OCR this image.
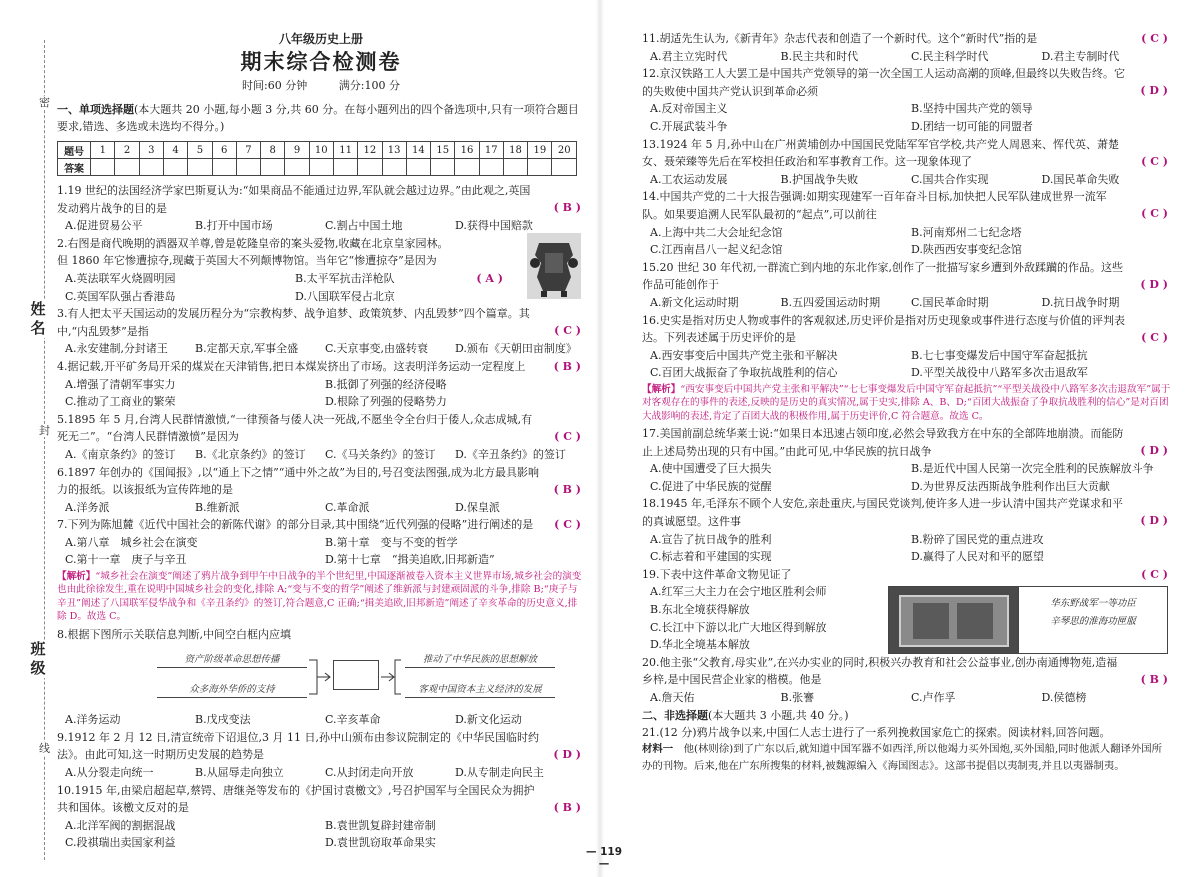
密
封
线
姓名
班级
八年级历史上册
期末综合检测卷
时间:60 分钟	满分:100 分
一、单项选择题(本大题共 20 小题,每小题 3 分,共 60 分。在每小题列出的四个备选项中,只有一项符合题目要求,错选、多选或未选均不得分。)
题号	1	2	3	4	5	6	7	8	9	10	11	12	13	14	15	16	17	18	19	20
答案																				
1.19 世纪的法国经济学家巴斯夏认为:“如果商品不能通过边界,军队就会越过边界。”由此观之,英国发动鸦片战争的目的是	( B )
A.促进贸易公平	B.打开中国市场	C.割占中国土地	D.获得中国赔款
2.右图是商代晚期的酒器双羊尊,曾是乾隆皇帝的案头爱物,收藏在北京皇家园林。但 1860 年它惨遭掠夺,现藏于英国大不列颠博物馆。当年它“惨遭掠夺”是因为
( A )
A.英法联军火烧圆明园	B.太平军抗击洋枪队
C.英国军队强占香港岛	D.八国联军侵占北京
3.有人把太平天国运动的发展历程分为“宗教构梦、战争追梦、政策筑梦、内乱毁梦”四个篇章。其中,“内乱毁梦”是指	( C )
A.永安建制,分封诸王	B.定都天京,军事全盛	C.天京事变,由盛转衰	D.颁布《天朝田亩制度》
4.据记载,开平矿务局开采的煤炭在天津销售,把日本煤炭挤出了市场。这表明洋务运动一定程度上	( B )
A.增强了清朝军事实力	B.抵御了列强的经济侵略
C.推动了工商业的繁荣	D.根除了列强的侵略势力
5.1895 年 5 月,台湾人民群情激愤,“一律预备与倭人决一死战,不愿坐令全台归于倭人,众志成城,有死无二”。“台湾人民群情激愤”是因为	( C )
A.《南京条约》的签订	B.《北京条约》的签订	C.《马关条约》的签订	D.《辛丑条约》的签订
6.1897 年创办的《国闻报》,以“通上下之情”“通中外之故”为目的,号召变法图强,成为北方最具影响力的报纸。以该报纸为宣传阵地的是	( B )
A.洋务派	B.维新派	C.革命派	D.保皇派
7.下列为陈旭麓《近代中国社会的新陈代谢》的部分目录,其中围绕“近代列强的侵略”进行阐述的是	( C )
A.第八章　城乡社会在演变	B.第十章　变与不变的哲学
C.第十一章　庚子与辛丑	D.第十七章　“揖美追欧,旧邦新造”
【解析】“城乡社会在演变”阐述了鸦片战争到甲午中日战争的半个世纪里,中国逐渐被卷入资本主义世界市场,城乡社会的演变也由此徐徐发生,重在说明中国城乡社会的变化,排除 A;“变与不变的哲学”阐述了维新派与封建顽固派的斗争,排除 B;“庚子与辛丑”阐述了八国联军侵华战争和《辛丑条约》的签订,符合题意,C 正确;“揖美追欧,旧邦新造”阐述了辛亥革命的历史意义,排除 D。故选 C。
8.根据下图所示关联信息判断,中间空白框内应填
资产阶级革命思想传播
众多海外华侨的支持
推动了中华民族的思想解放
客观中国资本主义经济的发展
A.洋务运动	B.戊戌变法	C.辛亥革命	D.新文化运动
9.1912 年 2 月 12 日,清宣统帝下诏退位,3 月 11 日,孙中山颁布由参议院制定的《中华民国临时约法》。由此可知,这一时期历史发展的趋势是	( D )
A.从分裂走向统一	B.从屈辱走向独立	C.从封闭走向开放	D.从专制走向民主
10.1915 年,由梁启超起草,蔡锷、唐继尧等发布的《护国讨袁檄文》,号召护国军与全国民众为拥护共和国体。该檄文反对的是	( B )
A.北洋军阀的割据混战	B.袁世凯复辟封建帝制
C.段祺瑞出卖国家利益	D.袁世凯窃取革命果实
11.胡适先生认为,《新青年》杂志代表和创造了一个新时代。这个“新时代”指的是	( C )
A.君主立宪时代	B.民主共和时代	C.民主科学时代	D.君主专制时代
12.京汉铁路工人大罢工是中国共产党领导的第一次全国工人运动高潮的顶峰,但最终以失败告终。它的失败使中国共产党认识到革命必须	( D )
A.反对帝国主义	B.坚持中国共产党的领导
C.开展武装斗争	D.团结一切可能的同盟者
13.1924 年 5 月,孙中山在广州黄埔创办中国国民党陆军军官学校,共产党人周恩来、恽代英、萧楚女、聂荣臻等先后在军校担任政治和军事教育工作。这一现象体现了	( C )
A.工农运动发展	B.护国战争失败	C.国共合作实现	D.国民革命失败
14.中国共产党的二十大报告强调:如期实现建军一百年奋斗目标,加快把人民军队建成世界一流军队。如果要追溯人民军队最初的“起点”,可以前往	( C )
A.上海中共二大会址纪念馆	B.河南郑州二七纪念塔
C.江西南昌八一起义纪念馆	D.陕西西安事变纪念馆
15.20 世纪 30 年代初,一群流亡到内地的东北作家,创作了一批描写家乡遭到外敌蹂躏的作品。这些作品可能创作于	( D )
A.新文化运动时期	B.五四爱国运动时期	C.国民革命时期	D.抗日战争时期
16.史实是指对历史人物或事件的客观叙述,历史评价是指对历史现象或事件进行态度与价值的评判表达。下列表述属于历史评价的是	( C )
A.西安事变后中国共产党主张和平解决	B.七七事变爆发后中国守军奋起抵抗
C.百团大战振奋了争取抗战胜利的信心	D.平型关战役中八路军多次击退敌军
【解析】“西安事变后中国共产党主张和平解决”“七七事变爆发后中国守军奋起抵抗”“平型关战役中八路军多次击退敌军”属于对客观存在的事件的表述,反映的是历史的真实情况,属于史实,排除 A、B、D;“百团大战振奋了争取抗战胜利的信心”是对百团大战影响的表述,肯定了百团大战的积极作用,属于历史评价,C 符合题意。故选 C。
17.美国前副总统华莱士说:“如果日本迅速占领印度,必然会导致我方在中东的全部阵地崩溃。而能防止上述局势出现的只有中国。”由此可见,中华民族的抗日战争	( D )
A.使中国遭受了巨大损失	B.是近代中国人民第一次完全胜利的民族解放斗争
C.促进了中华民族的觉醒	D.为世界反法西斯战争胜利作出巨大贡献
18.1945 年,毛泽东不顾个人安危,亲赴重庆,与国民党谈判,使许多人进一步认清中国共产党谋求和平的真诚愿望。这件事	( D )
A.宣告了抗日战争的胜利	B.粉碎了国民党的重点进攻
C.标志着和平建国的实现	D.赢得了人民对和平的愿望
19.下表中这件革命文物见证了	( C )
A.红军三大主力在会宁地区胜利会师
B.东北全境获得解放
C.长江中下游以北广大地区得到解放
D.华北全境基本解放
华东野战军一等功臣
辛琴思的淮海功匣服
20.他主张“父教育,母实业”,在兴办实业的同时,积极兴办教育和社会公益事业,创办南通博物苑,造福乡梓,是中国民营企业家的楷模。他是	( B )
A.詹天佑	B.张謇	C.卢作孚	D.侯德榜
二、非选择题(本大题共 3 小题,共 40 分。)
21.(12 分)鸦片战争以来,中国仁人志士进行了一系列挽救国家危亡的探索。阅读材料,回答问题。
材料一　 他(林则徐)到了广东以后,就知道中国军器不如西洋,所以他竭力买外国炮,买外国船,同时他派人翻译外国所办的刊物。后来,他在广东所搜集的材料,被魏源编入《海国图志》。这部书提倡以夷制夷,并且以夷器制夷。
— 119 —
